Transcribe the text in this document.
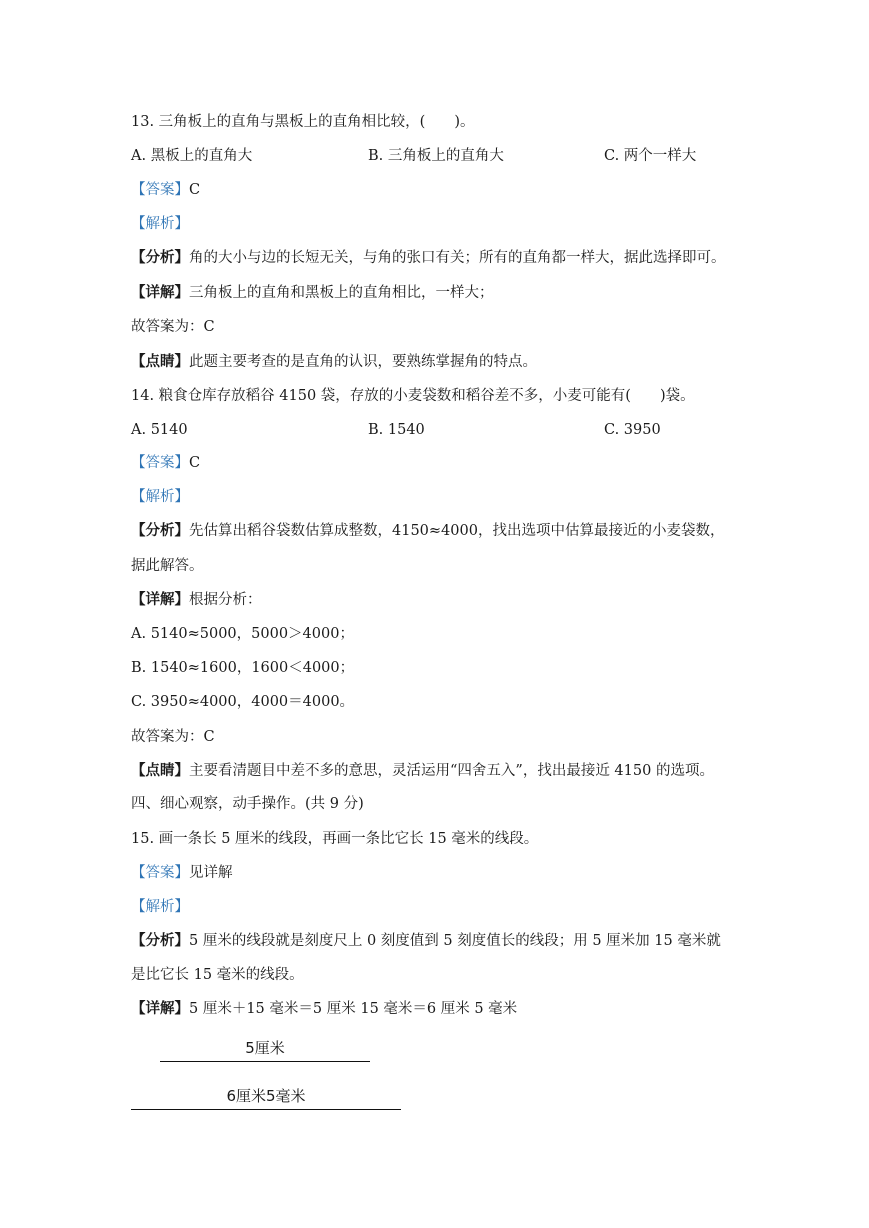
13. 三角板上的直角与黑板上的直角相比较，(　　)。
A. 黑板上的直角大	B. 三角板上的直角大	C. 两个一样大
【答案】C
【解析】
【分析】角的大小与边的长短无关，与角的张口有关；所有的直角都一样大，据此选择即可。
【详解】三角板上的直角和黑板上的直角相比，一样大；
故答案为：C
【点睛】此题主要考查的是直角的认识，要熟练掌握角的特点。
14. 粮食仓库存放稻谷 4150 袋，存放的小麦袋数和稻谷差不多，小麦可能有(　　)袋。
A. 5140	B. 1540	C. 3950
【答案】C
【解析】
【分析】先估算出稻谷袋数估算成整数，4150≈4000，找出选项中估算最接近的小麦袋数，
据此解答。
【详解】根据分析：
A. 5140≈5000，5000＞4000；
B. 1540≈1600，1600＜4000；
C. 3950≈4000，4000＝4000。
故答案为：C
【点睛】主要看清题目中差不多的意思，灵活运用“四舍五入”，找出最接近 4150 的选项。
四、细心观察，动手操作。(共 9 分)
15. 画一条长 5 厘米的线段，再画一条比它长 15 毫米的线段。
【答案】见详解
【解析】
【分析】5 厘米的线段就是刻度尺上 0 刻度值到 5 刻度值长的线段；用 5 厘米加 15 毫米就
是比它长 15 毫米的线段。
【详解】5 厘米＋15 毫米＝5 厘米 15 毫米＝6 厘米 5 毫米
5厘米
6厘米5毫米
